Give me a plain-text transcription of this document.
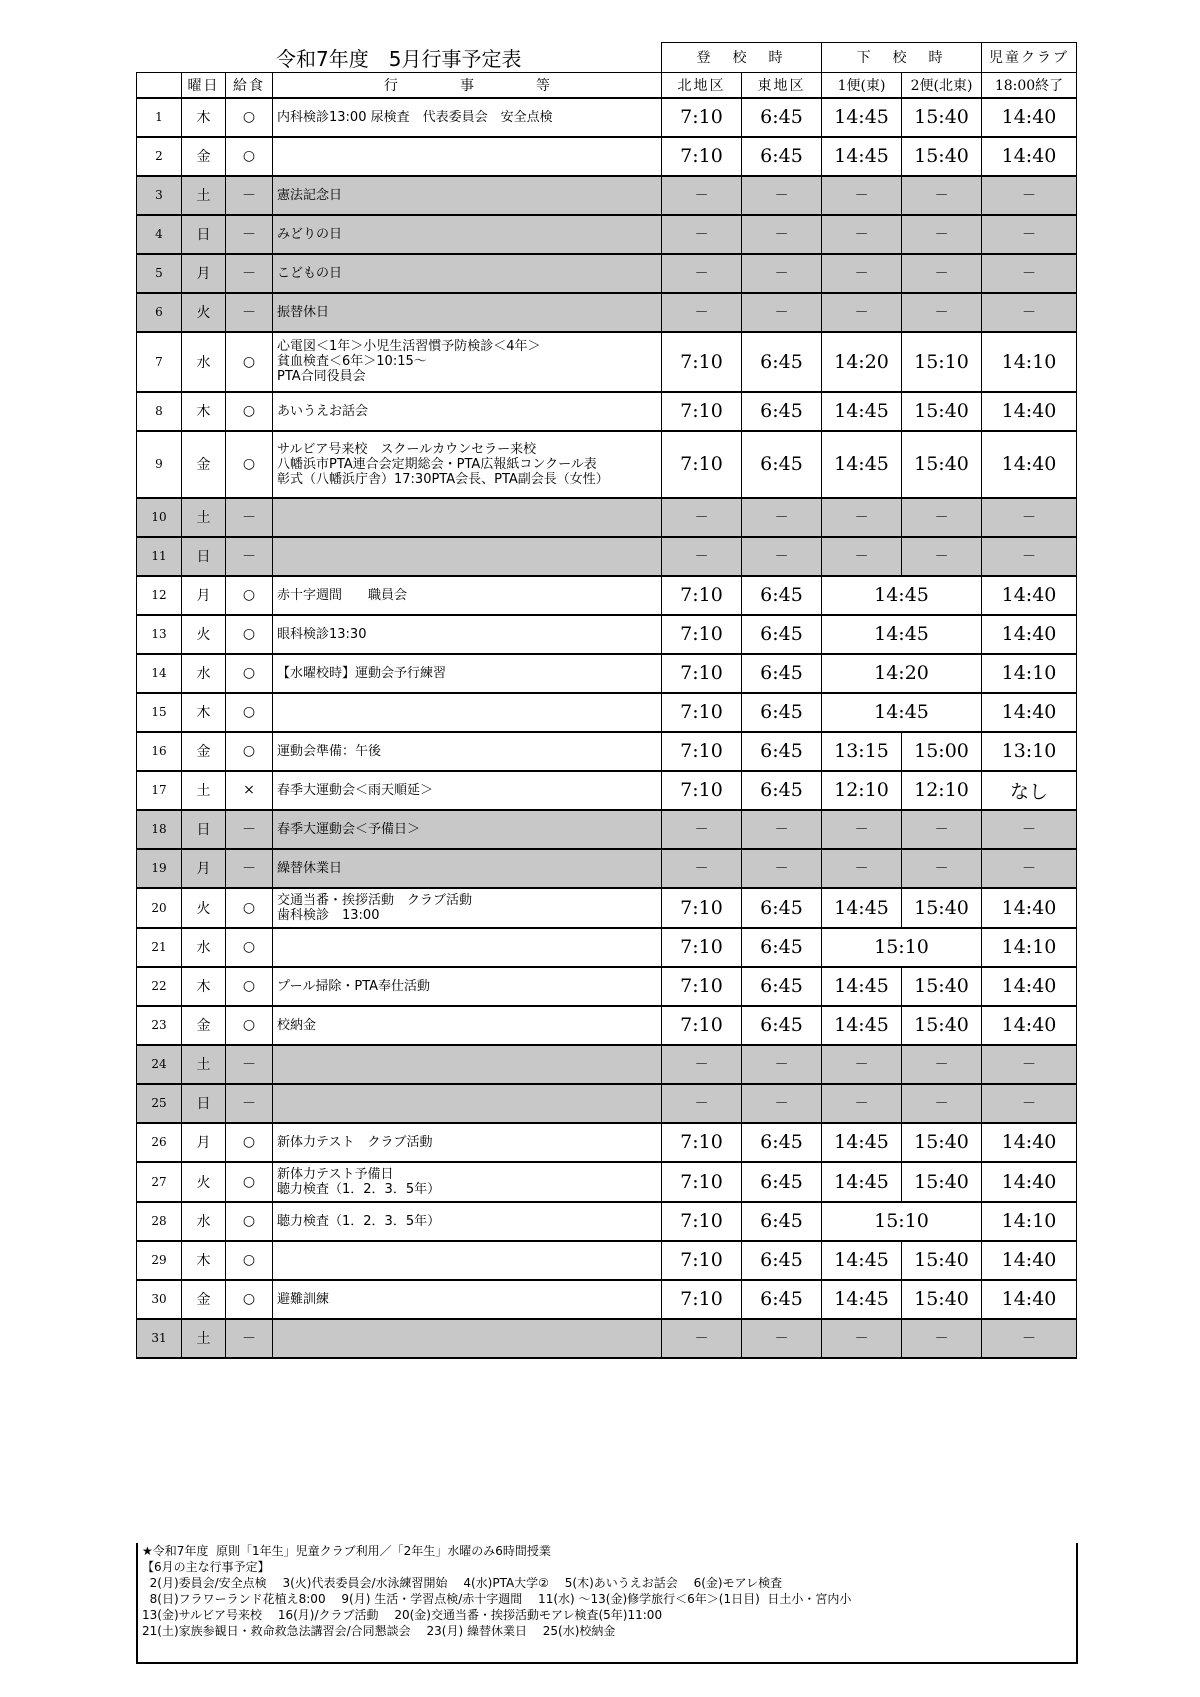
令和7年度　5月行事予定表				登　校　時		下　校　時		児童クラブ
	曜日	給食	行事等	北地区	東地区	1便(東)	2便(北東)	18:00終了
1	木	○	内科検診13:00 尿検査　代表委員会　安全点検	7:10	6:45	14:45	15:40	14:40
2	金	○		7:10	6:45	14:45	15:40	14:40
3	土	－	憲法記念日	－	－	－	－	－
4	日	－	みどりの日	－	－	－	－	－
5	月	－	こどもの日	－	－	－	－	－
6	火	－	振替休日	－	－	－	－	－
7	水	○	心電図＜1年＞小児生活習慣予防検診＜4年＞
貧血検査＜6年＞10:15～
PTA合同役員会	7:10	6:45	14:20	15:10	14:10
8	木	○	あいうえお話会	7:10	6:45	14:45	15:40	14:40
9	金	○	サルビア号来校　スクールカウンセラー来校
八幡浜市PTA連合会定期総会・PTA広報紙コンクール表
彰式（八幡浜庁舎）17:30PTA会長、PTA副会長（女性）	7:10	6:45	14:45	15:40	14:40
10	土	－		－	－	－	－	－
11	日	－		－	－	－	－	－
12	月	○	赤十字週間　　職員会	7:10	6:45	14:45		14:40
13	火	○	眼科検診13:30	7:10	6:45	14:45		14:40
14	水	○	【水曜校時】運動会予行練習	7:10	6:45	14:20		14:10
15	木	○		7:10	6:45	14:45		14:40
16	金	○	運動会準備：午後	7:10	6:45	13:15	15:00	13:10
17	土	×	春季大運動会＜雨天順延＞	7:10	6:45	12:10	12:10	なし
18	日	－	春季大運動会＜予備日＞	－	－	－	－	－
19	月	－	繰替休業日	－	－	－	－	－
20	火	○	交通当番・挨拶活動　クラブ活動
歯科検診　13:00	7:10	6:45	14:45	15:40	14:40
21	水	○		7:10	6:45	15:10		14:10
22	木	○	プール掃除・PTA奉仕活動	7:10	6:45	14:45	15:40	14:40
23	金	○	校納金	7:10	6:45	14:45	15:40	14:40
24	土	－		－	－	－	－	－
25	日	－		－	－	－	－	－
26	月	○	新体力テスト　クラブ活動	7:10	6:45	14:45	15:40	14:40
27	火	○	新体力テスト予備日
聴力検査（1．2．3．5年）	7:10	6:45	14:45	15:40	14:40
28	水	○	聴力検査（1．2．3．5年）	7:10	6:45	15:10		14:10
29	木	○		7:10	6:45	14:45	15:40	14:40
30	金	○	避難訓練	7:10	6:45	14:45	15:40	14:40
31	土	－		－	－	－	－	－
★令和7年度  原則「1年生」児童クラブ利用／「2年生」水曜のみ6時間授業
【6月の主な行事予定】
2(月)委員会/安全点検　 3(火)代表委員会/水泳練習開始　 4(水)PTA大学②　 5(木)あいうえお話会　 6(金)モアレ検査
8(日)フラワーランド花植え8:00　 9(月) 生活・学習点検/赤十字週間　 11(水) ～13(金)修学旅行＜6年＞(1日目)  日土小・宮内小
13(金)サルビア号来校　 16(月)/クラブ活動　 20(金)交通当番・挨拶活動モアレ検査(5年)11:00
21(土)家族参観日・救命救急法講習会/合同懇談会　 23(月) 繰替休業日　 25(水)校納金
